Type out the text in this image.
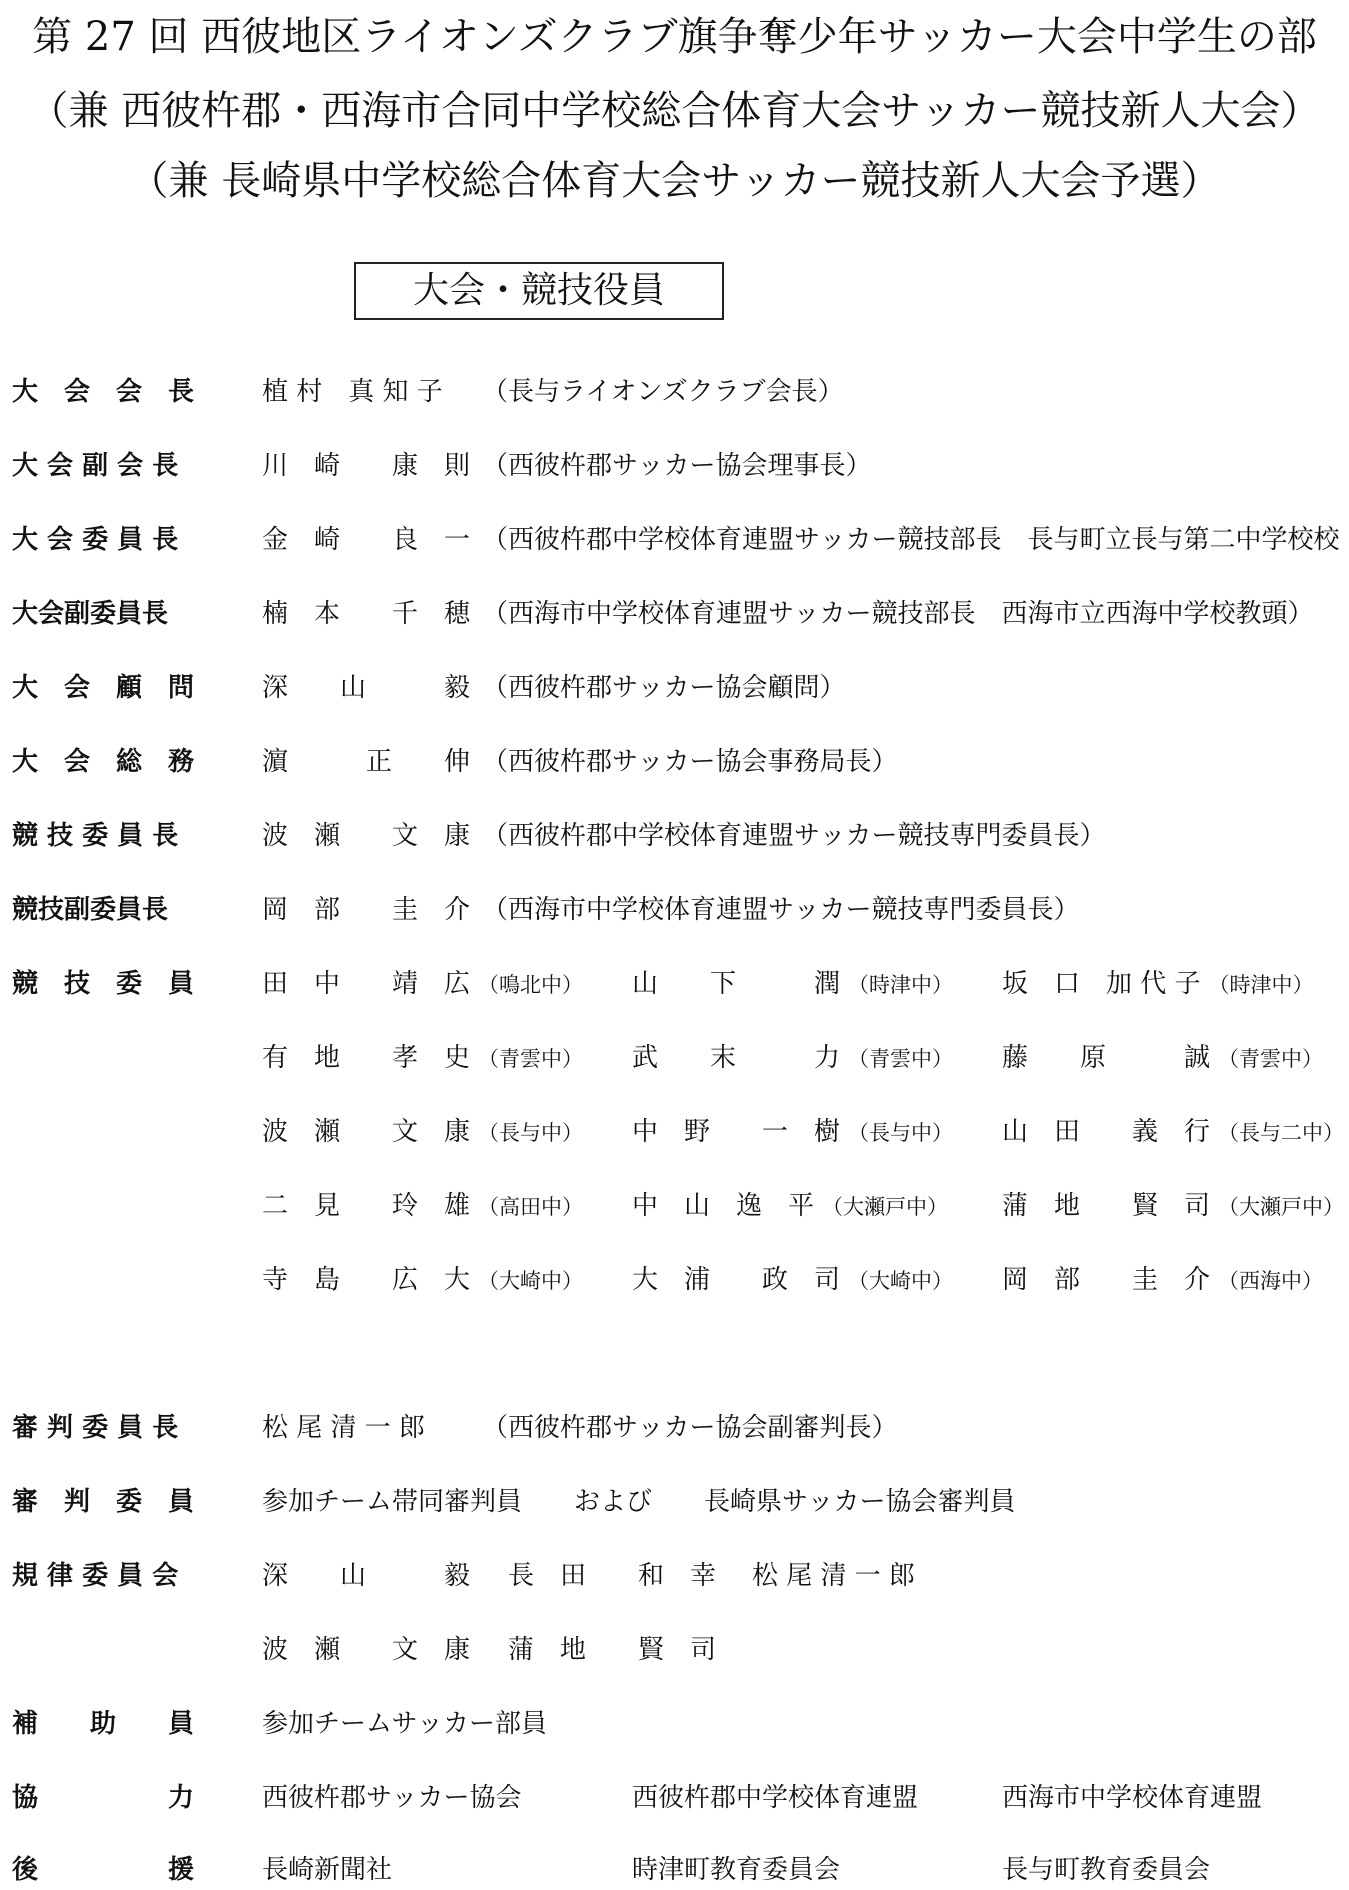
第 27 回 西彼地区ライオンズクラブ旗争奪少年サッカー大会中学生の部
（兼 西彼杵郡・西海市合同中学校総合体育大会サッカー競技新人大会）
（兼 長崎県中学校総合体育大会サッカー競技新人大会予選）
大会・競技役員
大　会　会　長	植 村　真 知 子 （長与ライオンズクラブ会長）
大 会 副 会 長	川　崎　　康　則 （西彼杵郡サッカー協会理事長）
大 会 委 員 長	金　崎　　良　一 （西彼杵郡中学校体育連盟サッカー競技部長　長与町立長与第二中学校校
大会副委員長	楠　本　　千　穂 （西海市中学校体育連盟サッカー競技部長　西海市立西海中学校教頭）
大　会　顧　問	深　　山　　　毅 （西彼杵郡サッカー協会顧問）
大　会　総　務	濵　　　正　　伸 （西彼杵郡サッカー協会事務局長）
競 技 委 員 長	波　瀬　　文　康 （西彼杵郡中学校体育連盟サッカー競技専門委員長）
競技副委員長	岡　部　　圭　介 （西海市中学校体育連盟サッカー競技専門委員長）
競　技　委　員	田　中　　靖　広 （鳴北中） 山　　下　　　潤 （時津中） 坂　口　加 代 子 （時津中）
有　地　　孝　史 （青雲中） 武　　末　　　力 （青雲中） 藤　　原　　　誠 （青雲中）
波　瀬　　文　康 （長与中） 中　野　　一　樹 （長与中） 山　田　　義　行 （長与二中）
二　見　　玲　雄 （高田中） 中　山　逸　平 （大瀬戸中） 蒲　地　　賢　司 （大瀬戸中）
寺　島　　広　大 （大崎中） 大　浦　　政　司 （大崎中） 岡　部　　圭　介 （西海中）
審 判 委 員 長	松 尾 清 一 郎 （西彼杵郡サッカー協会副審判長）
審　判　委　員	参加チーム帯同審判員　　および　　長崎県サッカー協会審判員
規 律 委 員 会	深　　山　　　毅 長　田　　和　幸 松 尾 清 一 郎
波　瀬　　文　康 蒲　地　　賢　司
補　　助　　員	参加チームサッカー部員
協　　　　　力	西彼杵郡サッカー協会	西彼杵郡中学校体育連盟	西海市中学校体育連盟
後　　　　　援	長崎新聞社	時津町教育委員会	長与町教育委員会
